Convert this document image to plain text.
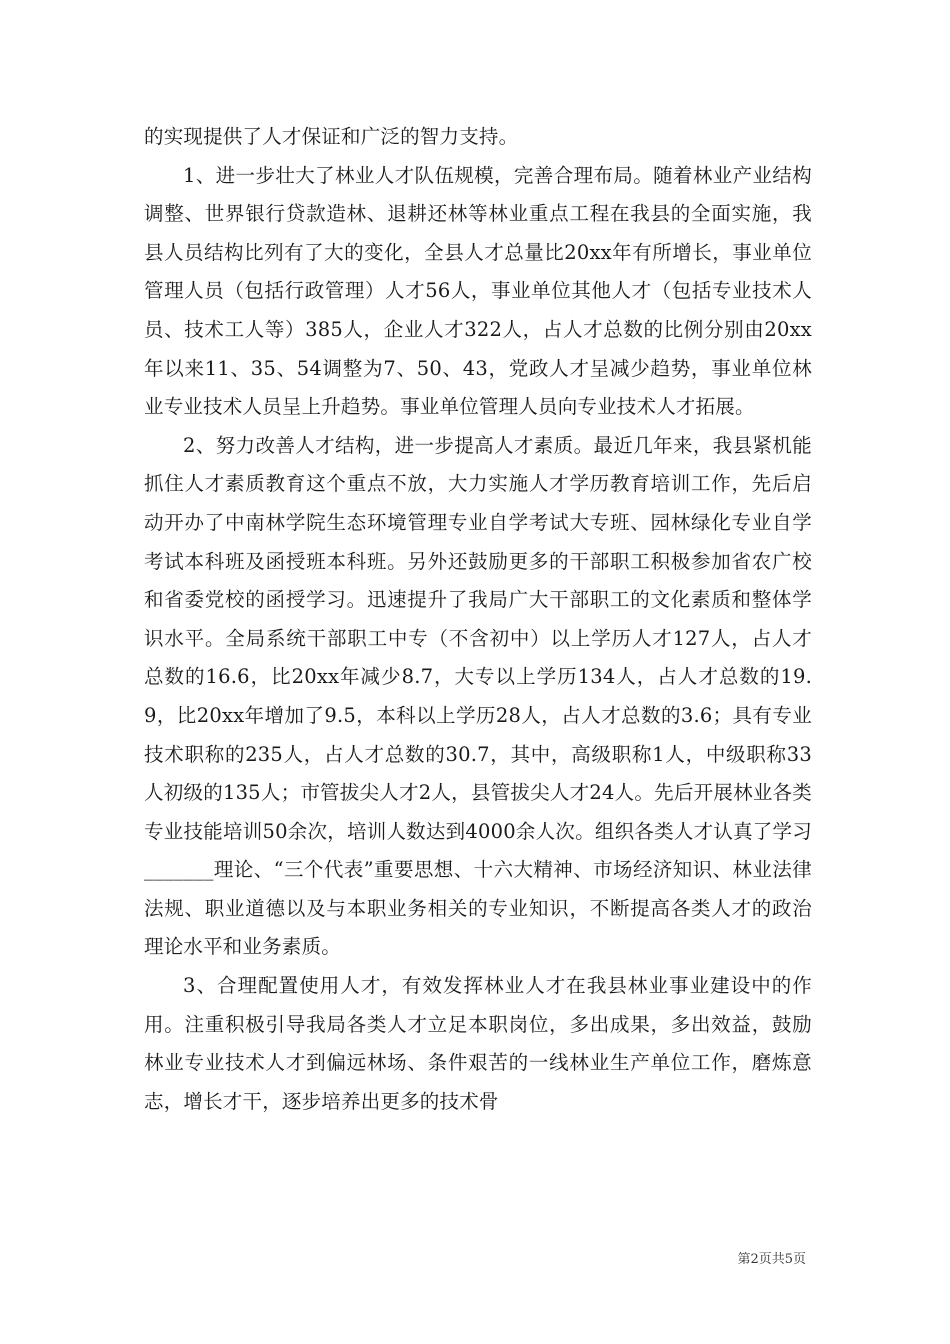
的实现提供了人才保证和广泛的智力支持。

1、进一步壮大了林业人才队伍规模，完善合理布局。随着林业产业结构调整、世界银行贷款造林、退耕还林等林业重点工程在我县的全面实施，我县人员结构比列有了大的变化，全县人才总量比20xx年有所增长，事业单位管理人员（包括行政管理）人才56人，事业单位其他人才（包括专业技术人员、技术工人等）385人，企业人才322人，占人才总数的比例分别由20xx年以来11、35、54调整为7、50、43，党政人才呈减少趋势，事业单位林业专业技术人员呈上升趋势。事业单位管理人员向专业技术人才拓展。

2、努力改善人才结构，进一步提高人才素质。最近几年来，我县紧机能抓住人才素质教育这个重点不放，大力实施人才学历教育培训工作，先后启动开办了中南林学院生态环境管理专业自学考试大专班、园林绿化专业自学考试本科班及函授班本科班。另外还鼓励更多的干部职工积极参加省农广校和省委党校的函授学习。迅速提升了我局广大干部职工的文化素质和整体学识水平。全局系统干部职工中专（不含初中）以上学历人才127人，占人才总数的16.6，比20xx年减少8.7，大专以上学历134人，占人才总数的19.9，比20xx年增加了9.5，本科以上学历28人，占人才总数的3.6；具有专业技术职称的235人，占人才总数的30.7，其中，高级职称1人，中级职称33人初级的135人；市管拔尖人才2人，县管拔尖人才24人。先后开展林业各类专业技能培训50余次，培训人数达到4000余人次。组织各类人才认真了学习_______理论、“三个代表”重要思想、十六大精神、市场经济知识、林业法律法规、职业道德以及与本职业务相关的专业知识，不断提高各类人才的政治理论水平和业务素质。

3、合理配置使用人才，有效发挥林业人才在我县林业事业建设中的作用。注重积极引导我局各类人才立足本职岗位，多出成果，多出效益，鼓励林业专业技术人才到偏远林场、条件艰苦的一线林业生产单位工作，磨炼意志，增长才干，逐步培养出更多的技术骨

第2页共5页
